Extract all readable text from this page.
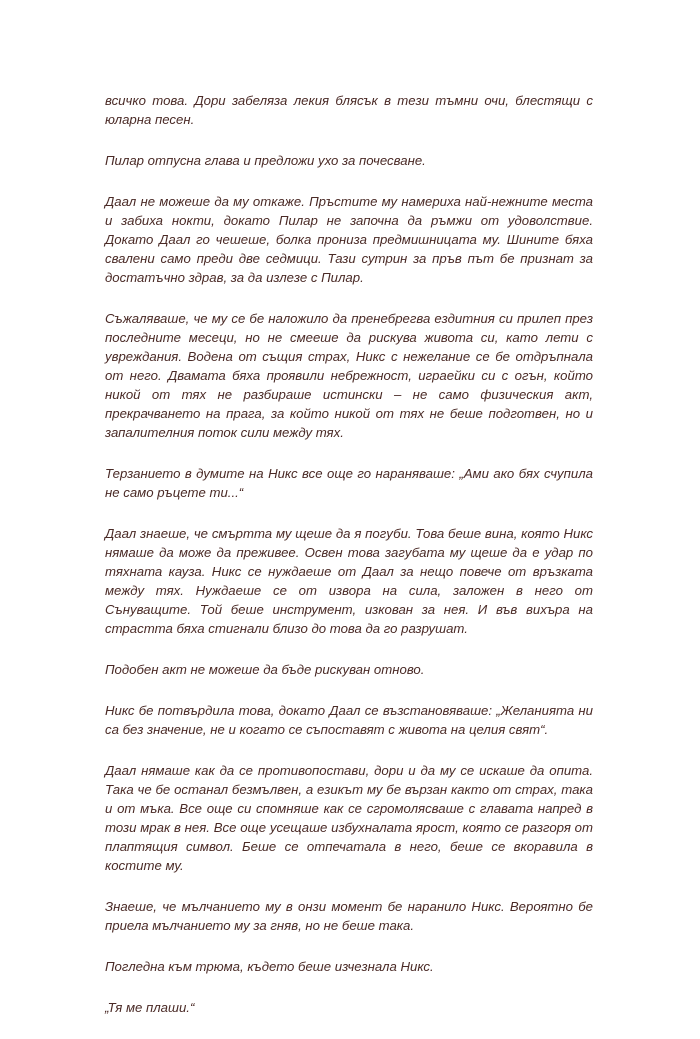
всичко това. Дори забеляза лекия блясък в тези тъмни очи, блестящи с юларна песен.

Пилар отпусна глава и предложи ухо за почесване.

Даал не можеше да му откаже. Пръстите му намериха най-нежните места и забиха нокти, докато Пилар не започна да ръмжи от удоволствие. Докато Даал го чешеше, болка прониза предмишницата му. Шините бяха свалени само преди две седмици. Тази сутрин за пръв път бе признат за достатъчно здрав, за да излезе с Пилар.

Съжаляваше, че му се бе наложило да пренебрегва ездитния си прилеп през последните месеци, но не смееше да рискува живота си, като лети с увреждания. Водена от същия страх, Никс с нежелание се бе отдръпнала от него. Двамата бяха проявили небрежност, играейки си с огън, който никой от тях не разбираше истински – не само физическия акт, прекрачването на прага, за който никой от тях не беше подготвен, но и запалителния поток сили между тях.

Терзанието в думите на Никс все още го нараняваше: „Ами ако бях счупила не само ръцете ти...“

Даал знаеше, че смъртта му щеше да я погуби. Това беше вина, която Никс нямаше да може да преживее. Освен това загубата му щеше да е удар по тяхната кауза. Никс се нуждаеше от Даал за нещо повече от връзката между тях. Нуждаеше се от извора на сила, заложен в него от Сънуващите. Той беше инструмент, изкован за нея. И във вихъра на страстта бяха стигнали близо до това да го разрушат.

Подобен акт не можеше да бъде рискуван отново.

Никс бе потвърдила това, докато Даал се възстановяваше: „Желанията ни са без значение, не и когато се съпоставят с живота на целия свят“.

Даал нямаше как да се противопостави, дори и да му се искаше да опита. Така че бе останал безмълвен, а езикът му бе вързан както от страх, така и от мъка. Все още си спомняше как се сгромолясваше с главата напред в този мрак в нея. Все още усещаше избухналата ярост, която се разгоря от плаптящия символ. Беше се отпечатала в него, беше се вкоравила в костите му.

Знаеше, че мълчанието му в онзи момент бе наранило Никс. Вероятно бе приела мълчанието му за гняв, но не беше така.

Погледна към трюма, където беше изчезнала Никс.

„Тя ме плаши.“
